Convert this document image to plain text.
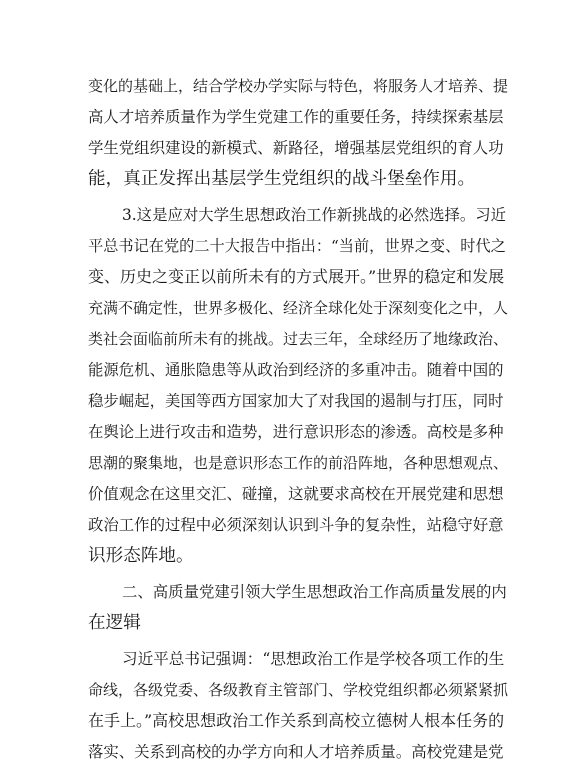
变化的基础上，结合学校办学实际与特色，将服务人才培养、提
高人才培养质量作为学生党建工作的重要任务，持续探索基层
学生党组织建设的新模式、新路径，增强基层党组织的育人功
能，真正发挥出基层学生党组织的战斗堡垒作用。
3.这是应对大学生思想政治工作新挑战的必然选择。习近
平总书记在党的二十大报告中指出：“当前，世界之变、时代之
变、历史之变正以前所未有的方式展开。”世界的稳定和发展
充满不确定性，世界多极化、经济全球化处于深刻变化之中，人
类社会面临前所未有的挑战。过去三年，全球经历了地缘政治、
能源危机、通胀隐患等从政治到经济的多重冲击。随着中国的
稳步崛起，美国等西方国家加大了对我国的遏制与打压，同时
在舆论上进行攻击和造势，进行意识形态的渗透。高校是多种
思潮的聚集地，也是意识形态工作的前沿阵地，各种思想观点、
价值观念在这里交汇、碰撞，这就要求高校在开展党建和思想
政治工作的过程中必须深刻认识到斗争的复杂性，站稳守好意
识形态阵地。
二、高质量党建引领大学生思想政治工作高质量发展的内
在逻辑
习近平总书记强调：“思想政治工作是学校各项工作的生
命线，各级党委、各级教育主管部门、学校党组织都必须紧紧抓
在手上。”高校思想政治工作关系到高校立德树人根本任务的
落实、关系到高校的办学方向和人才培养质量。高校党建是党
